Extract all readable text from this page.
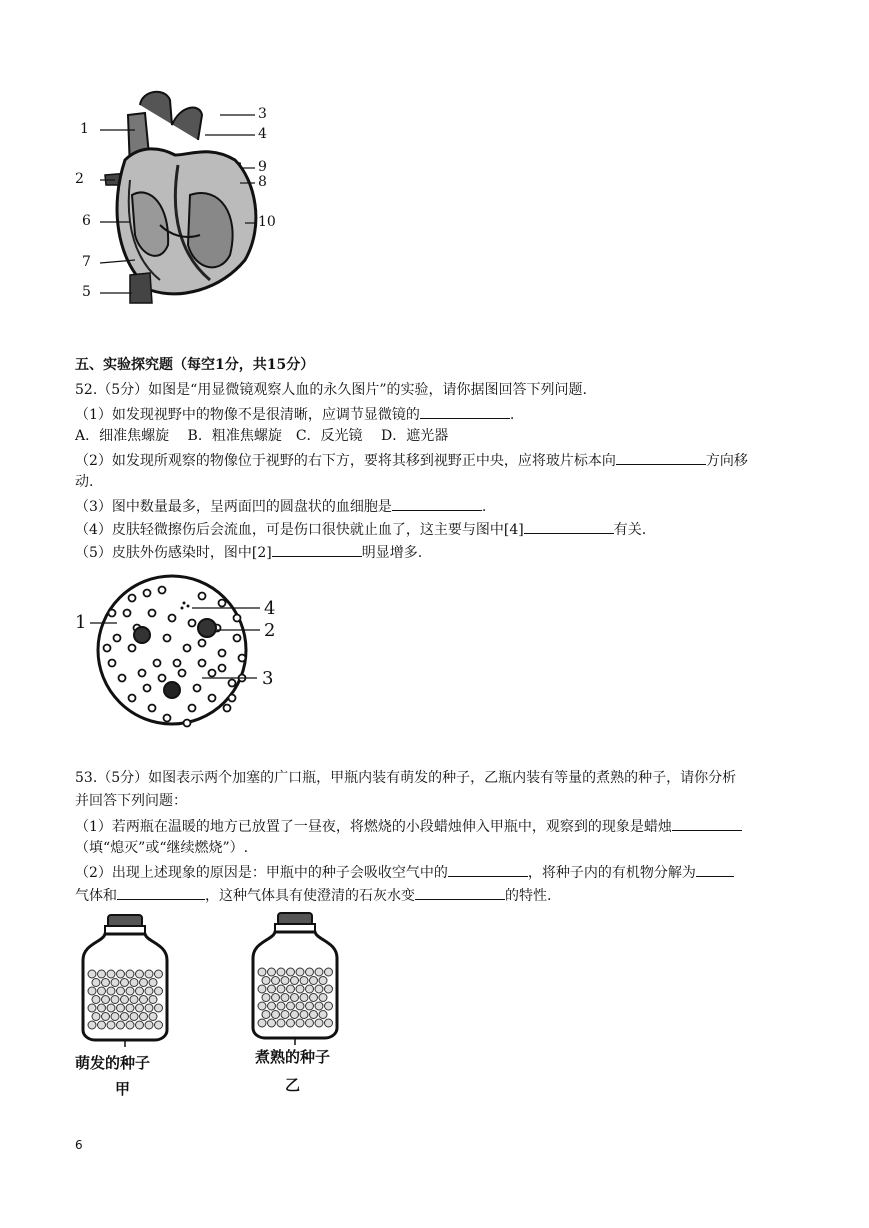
1
2
3
4
5
6
7
8
9
10
五、实验探究题（每空1分，共15分）
52.（5分）如图是“用显微镜观察人血的永久图片”的实验，请你据图回答下列问题.
（1）如发现视野中的物像不是很清晰，应调节显微镜的	.
A．细准焦螺旋　 B．粗准焦螺旋　C．反光镜　 D．遮光器
（2）如发现所观察的物像位于视野的右下方，要将其移到视野正中央，应将玻片标本向	方向移
动.
（3）图中数量最多，呈两面凹的圆盘状的血细胞是	.
（4）皮肤轻微擦伤后会流血，可是伤口很快就止血了，这主要与图中[4]	有关.
（5）皮肤外伤感染时，图中[2]	明显增多.
1	2
3
4
53.（5分）如图表示两个加塞的广口瓶，甲瓶内装有萌发的种子，乙瓶内装有等量的煮熟的种子，请你分析
并回答下列问题：
（1）若两瓶在温暖的地方已放置了一昼夜，将燃烧的小段蜡烛伸入甲瓶中，观察到的现象是蜡烛
（填“熄灭”或“继续燃烧”）.
（2）出现上述现象的原因是：甲瓶中的种子会吸收空气中的	，将种子内的有机物分解为
气体和	，这种气体具有使澄清的石灰水变	的特性.
萌发的种子
甲
煮熟的种子
乙
6
